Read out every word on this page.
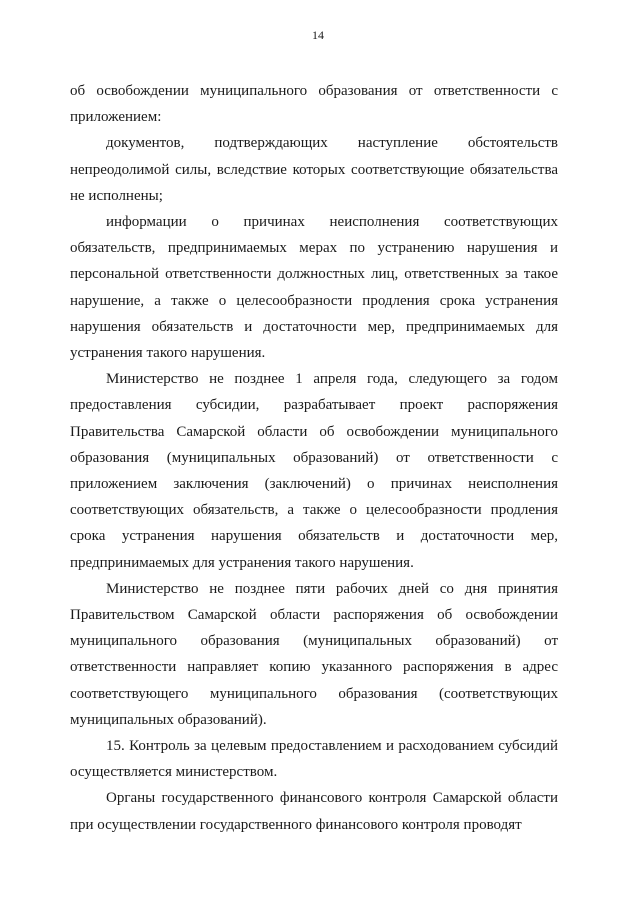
14

об освобождении муниципального образования от ответственности с приложением:

документов, подтверждающих наступление обстоятельств непреодолимой силы, вследствие которых соответствующие обязательства не исполнены;

информации о причинах неисполнения соответствующих обязательств, предпринимаемых мерах по устранению нарушения и персональной ответственности должностных лиц, ответственных за такое нарушение, а также о целесообразности продления срока устранения нарушения обязательств и достаточности мер, предпринимаемых для устранения такого нарушения.

Министерство не позднее 1 апреля года, следующего за годом предоставления субсидии, разрабатывает проект распоряжения Правительства Самарской области об освобождении муниципального образования (муниципальных образований) от ответственности с приложением заключения (заключений) о причинах неисполнения соответствующих обязательств, а также о целесообразности продления срока устранения нарушения обязательств и достаточности мер, предпринимаемых для устранения такого нарушения.

Министерство не позднее пяти рабочих дней со дня принятия Правительством Самарской области распоряжения об освобождении муниципального образования (муниципальных образований) от ответственности направляет копию указанного распоряжения в адрес соответствующего муниципального образования (соответствующих муниципальных образований).

15. Контроль за целевым предоставлением и расходованием субсидий осуществляется министерством.

Органы государственного финансового контроля Самарской области при осуществлении государственного финансового контроля проводят
